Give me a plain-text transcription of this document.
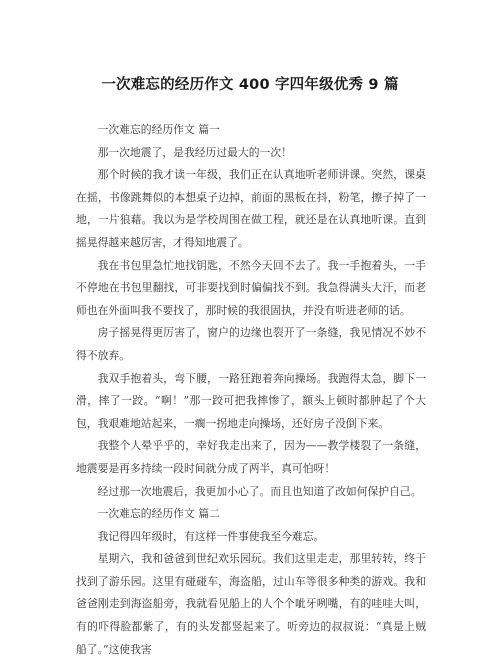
一次难忘的经历作文 400 字四年级优秀 9 篇

一次难忘的经历作文 篇一

那一次地震了，是我经历过最大的一次！

那个时候的我才读一年级，我们正在认真地听老师讲课。突然，课桌在摇，书像跳舞似的本想桌子边掉，前面的黑板在抖，粉笔，擦子掉了一地，一片狼藉。我以为是学校周围在做工程，就还是在认真地听课。直到摇晃得越来越厉害，才得知地震了。

我在书包里急忙地找钥匙，不然今天回不去了。我一手抱着头，一手不停地在书包里翻找，可非要找到时偏偏找不到。我急得满头大汗，而老师也在外面叫我不要找了，那时候的我很固执，并没有听进老师的话。

房子摇晃得更厉害了，窗户的边缘也裂开了一条缝，我见情况不妙不得不放弃。

我双手抱着头，弯下腰，一路狂跑着奔向操场。我跑得太急，脚下一滑，摔了一跤。“啊！”那一跤可把我摔惨了，额头上顿时都肿起了个大包，我艰难地站起来，一瘸一拐地走向操场，还好房子没倒下来。

我整个人晕乎乎的，幸好我走出来了，因为——教学楼裂了一条缝，地震要是再多持续一段时间就分成了两半，真可怕呀！

经过那一次地震后，我更加小心了。而且也知道了改如何保护自己。

一次难忘的经历作文 篇二

我记得四年级时，有这样一件事使我至今难忘。

星期六，我和爸爸到世纪欢乐园玩。我们这里走走，那里转转，终于找到了游乐园。这里有碰碰车，海盗船，过山车等很多种类的游戏。我和爸爸刚走到海盗船旁，我就看见船上的人个个呲牙咧嘴，有的哇哇大叫，有的吓得脸都紫了，有的头发都竖起来了。听旁边的叔叔说：“真是上贼船了。”这使我害
